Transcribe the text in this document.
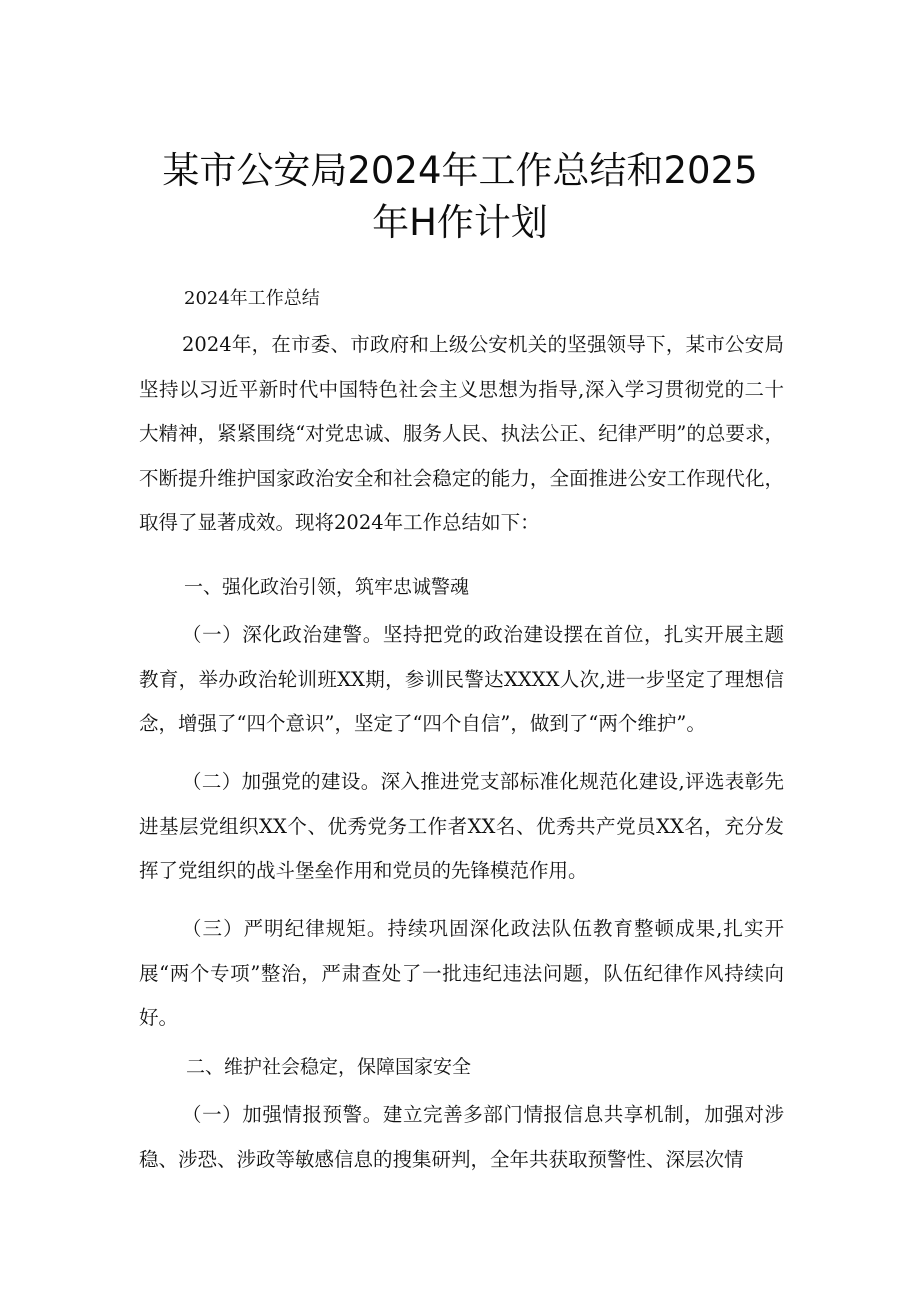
某市公安局2024年工作总结和2025
年H作计划
2024年工作总结

2024年，在市委、市政府和上级公安机关的坚强领导下，某市公安局坚持以习近平新时代中国特色社会主义思想为指导,深入学习贯彻党的二十大精神，紧紧围绕“对党忠诚、服务人民、执法公正、纪律严明”的总要求，不断提升维护国家政治安全和社会稳定的能力，全面推进公安工作现代化，取得了显著成效。现将2024年工作总结如下：

一、强化政治引领，筑牢忠诚警魂

（一）深化政治建警。坚持把党的政治建设摆在首位，扎实开展主题教育，举办政治轮训班XX期，参训民警达XXXX人次,进一步坚定了理想信念，增强了“四个意识”，坚定了“四个自信”，做到了“两个维护”。

（二）加强党的建设。深入推进党支部标准化规范化建设,评选表彰先进基层党组织XX个、优秀党务工作者XX名、优秀共产党员XX名，充分发挥了党组织的战斗堡垒作用和党员的先锋模范作用。

（三）严明纪律规矩。持续巩固深化政法队伍教育整顿成果,扎实开展“两个专项”整治，严肃查处了一批违纪违法问题，队伍纪律作风持续向好。

二、维护社会稳定，保障国家安全

（一）加强情报预警。建立完善多部门情报信息共享机制，加强对涉稳、涉恐、涉政等敏感信息的搜集研判，全年共获取预警性、深层次情
